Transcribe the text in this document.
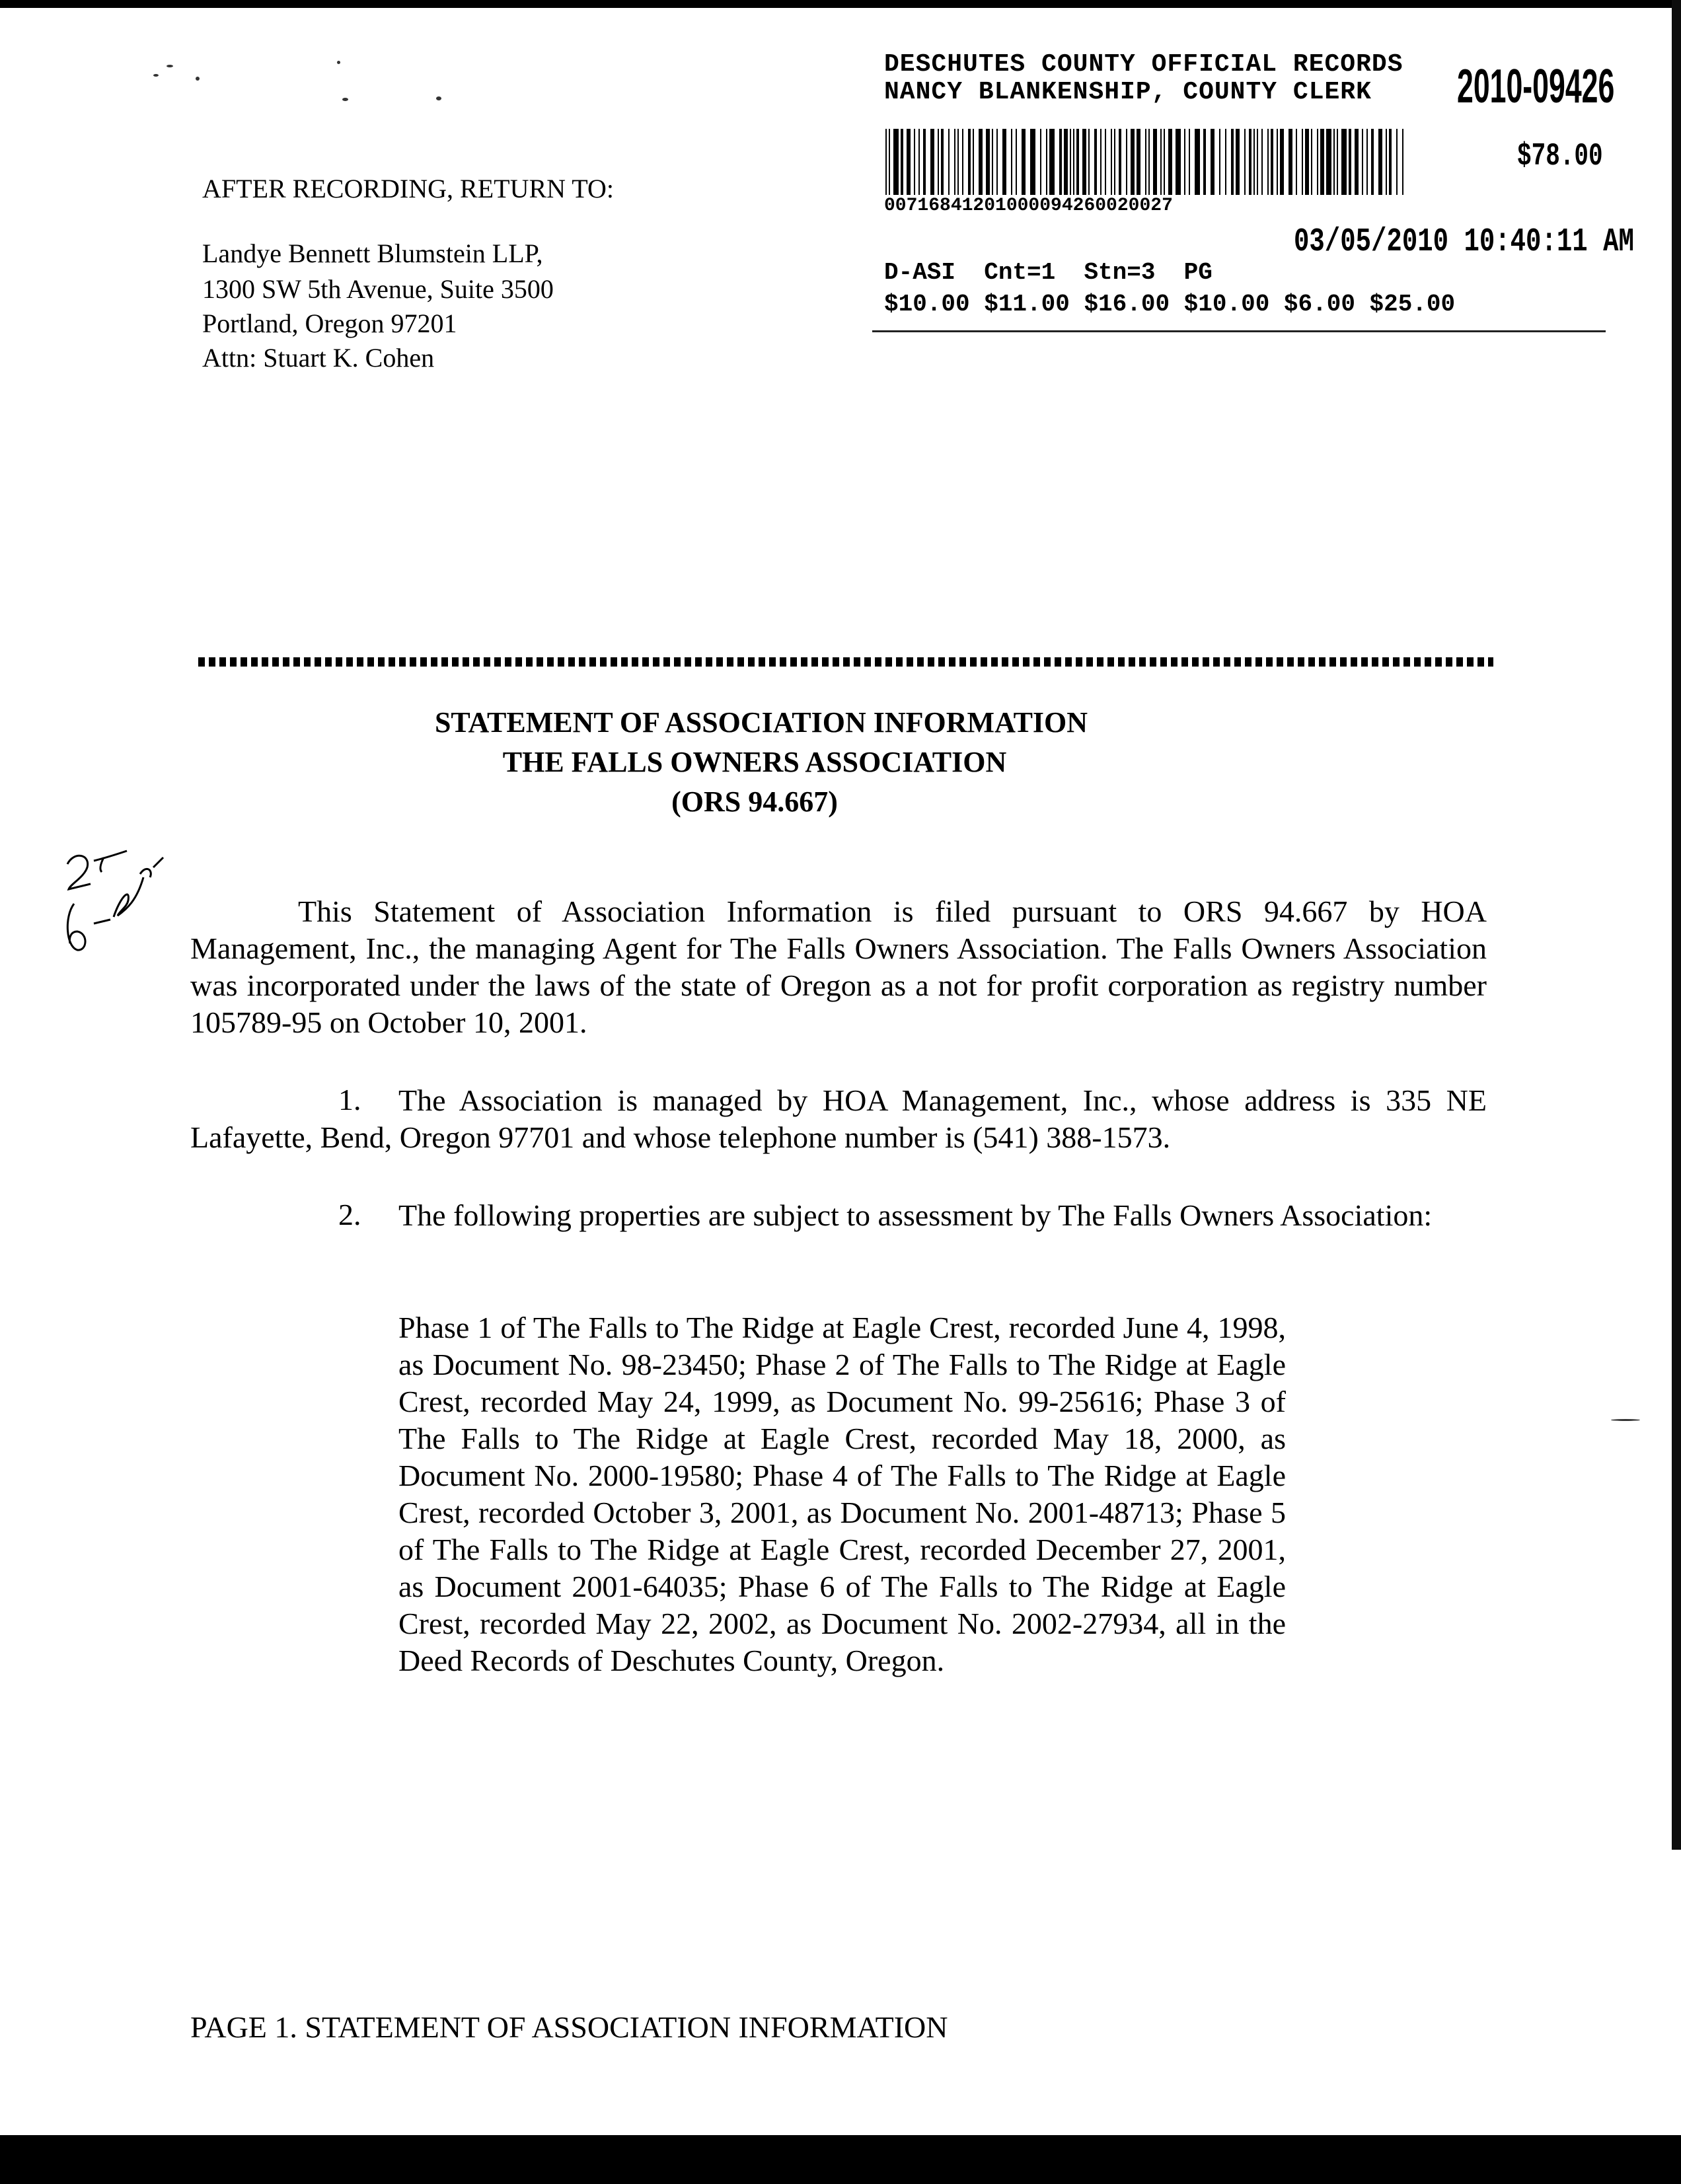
DESCHUTES COUNTY OFFICIAL RECORDS
NANCY BLANKENSHIP, COUNTY CLERK 2010-09426
$78.00
00716841201000094260020027
03/05/2010 10:40:11 AM
D-ASI  Cnt=1  Stn=3  PG
$10.00 $11.00 $16.00 $10.00 $6.00 $25.00
AFTER RECORDING, RETURN TO:
Landye Bennett Blumstein LLP,
1300 SW 5th Avenue, Suite 3500
Portland, Oregon 97201
Attn: Stuart K. Cohen
STATEMENT OF ASSOCIATION INFORMATION
THE FALLS OWNERS ASSOCIATION
(ORS 94.667)
This Statement of Association Information is filed pursuant to ORS 94.667 by HOA Management, Inc., the managing Agent for The Falls Owners Association. The Falls Owners Association was incorporated under the laws of the state of Oregon as a not for profit corporation as registry number 105789-95 on October 10, 2001.
The Association is managed by HOA Management, Inc., whose address is 335 NE Lafayette, Bend, Oregon 97701 and whose telephone number is (541) 388-1573.
1.
The following properties are subject to assessment by The Falls Owners Association:
2.
Phase 1 of The Falls to The Ridge at Eagle Crest, recorded June 4, 1998, as Document No. 98-23450; Phase 2 of The Falls to The Ridge at Eagle Crest, recorded May 24, 1999, as Document No. 99-25616; Phase 3 of The Falls to The Ridge at Eagle Crest, recorded May 18, 2000, as Document No. 2000-19580; Phase 4 of The Falls to The Ridge at Eagle Crest, recorded October 3, 2001, as Document No. 2001-48713; Phase 5 of The Falls to The Ridge at Eagle Crest, recorded December 27, 2001, as Document 2001-64035; Phase 6 of The Falls to The Ridge at Eagle Crest, recorded May 22, 2002, as Document No. 2002-27934, all in the Deed Records of Deschutes County, Oregon.
PAGE 1. STATEMENT OF ASSOCIATION INFORMATION
